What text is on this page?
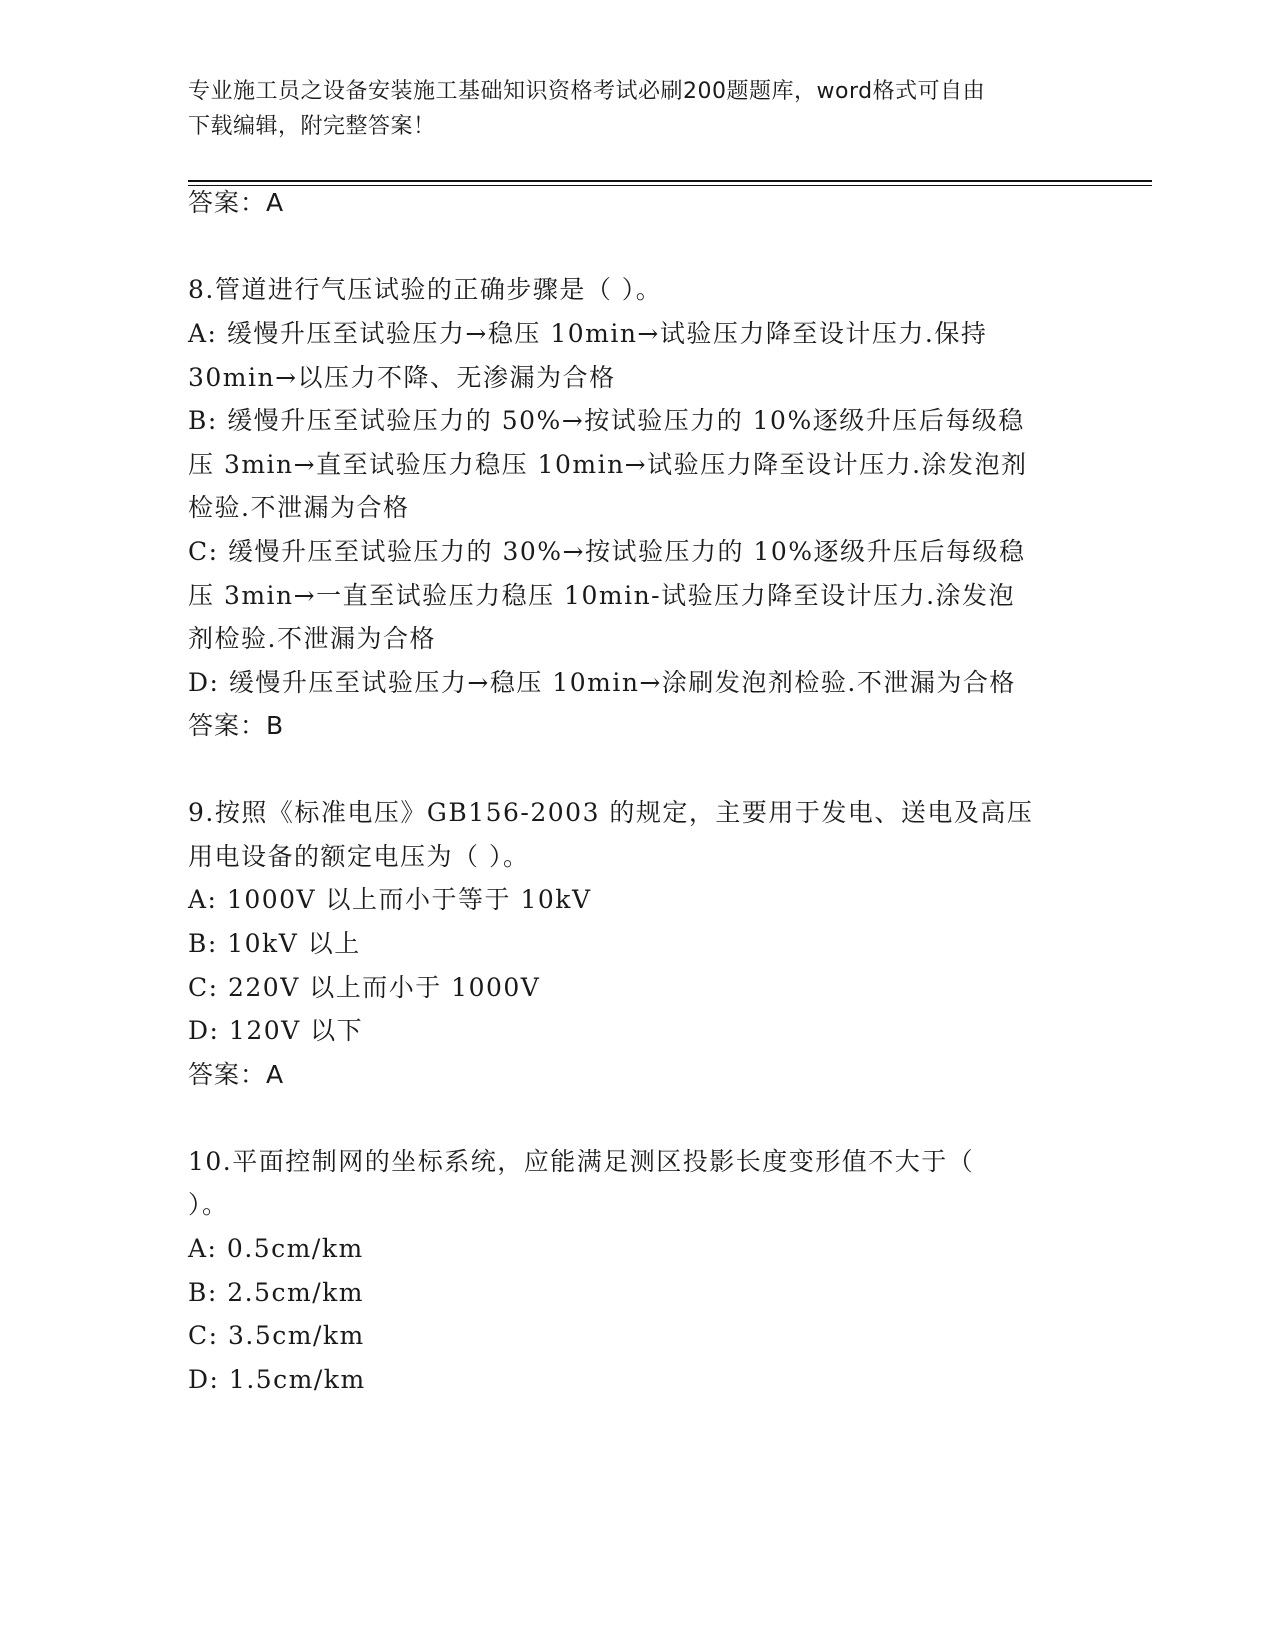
专业施工员之设备安装施工基础知识资格考试必刷200题题库，word格式可自由
下载编辑，附完整答案！
答案：A
8.管道进行气压试验的正确步骤是（ ）。
A: 缓慢升压至试验压力→稳压 10min→试验压力降至设计压力.保持
30min→以压力不降、无渗漏为合格
B: 缓慢升压至试验压力的 50%→按试验压力的 10%逐级升压后每级稳
压 3min→直至试验压力稳压 10min→试验压力降至设计压力.涂发泡剂
检验.不泄漏为合格
C: 缓慢升压至试验压力的 30%→按试验压力的 10%逐级升压后每级稳
压 3min→一直至试验压力稳压 10min-试验压力降至设计压力.涂发泡
剂检验.不泄漏为合格
D: 缓慢升压至试验压力→稳压 10min→涂刷发泡剂检验.不泄漏为合格
答案：B
9.按照《标准电压》GB156-2003 的规定，主要用于发电、送电及高压
用电设备的额定电压为（ ）。
A: 1000V 以上而小于等于 10kV
B: 10kV 以上
C: 220V 以上而小于 1000V
D: 120V 以下
答案：A
10.平面控制网的坐标系统，应能满足测区投影长度变形值不大于（
）。
A: 0.5cm/km
B: 2.5cm/km
C: 3.5cm/km
D: 1.5cm/km
